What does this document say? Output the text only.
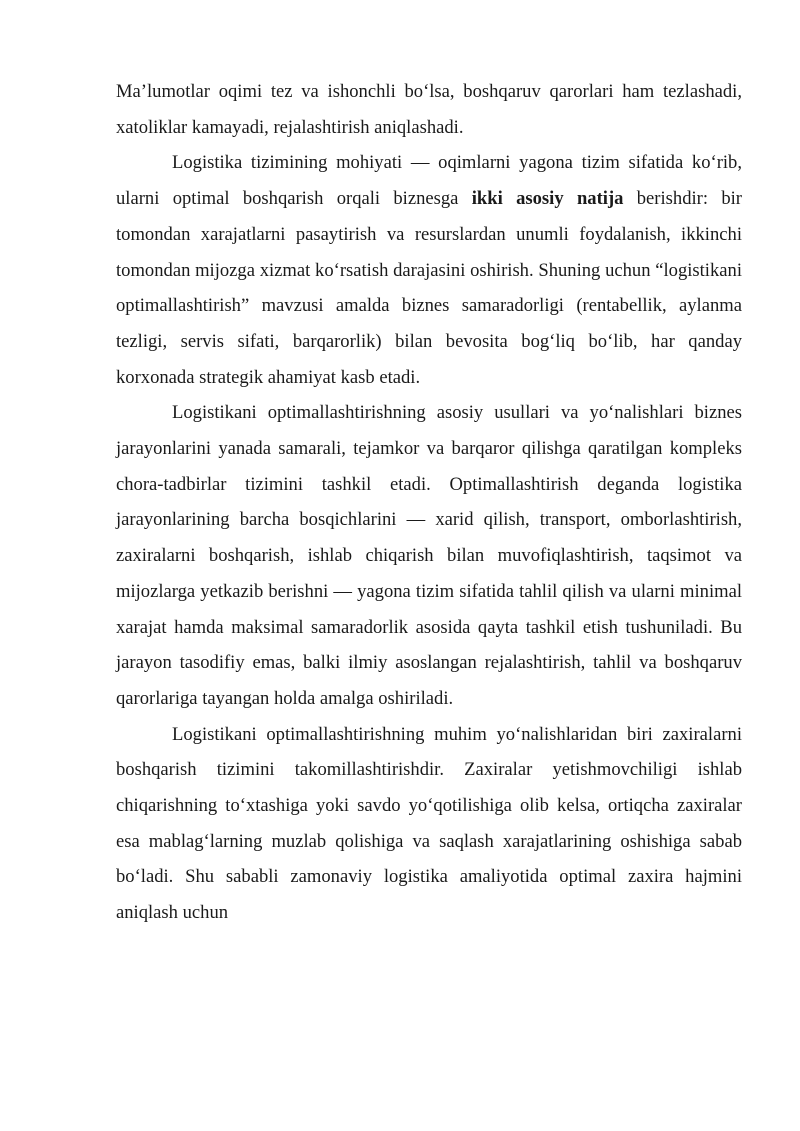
Ma’lumotlar oqimi tez va ishonchli bo‘lsa, boshqaruv qarorlari ham tezlashadi, xatoliklar kamayadi, rejalashtirish aniqlashadi.

Logistika tizimining mohiyati — oqimlarni yagona tizim sifatida ko‘rib, ularni optimal boshqarish orqali biznesga ikki asosiy natija berishdir: bir tomondan xarajatlarni pasaytirish va resurslardan unumli foydalanish, ikkinchi tomondan mijozga xizmat ko‘rsatish darajasini oshirish. Shuning uchun “logistikani optimallashtirish” mavzusi amalda biznes samaradorligi (rentabellik, aylanma tezligi, servis sifati, barqarorlik) bilan bevosita bog‘liq bo‘lib, har qanday korxonada strategik ahamiyat kasb etadi.

Logistikani optimallashtirishning asosiy usullari va yo‘nalishlari biznes jarayonlarini yanada samarali, tejamkor va barqaror qilishga qaratilgan kompleks chora-tadbirlar tizimini tashkil etadi. Optimallashtirish deganda logistika jarayonlarining barcha bosqichlarini — xarid qilish, transport, omborlashtirish, zaxiralarni boshqarish, ishlab chiqarish bilan muvofiqlashtirish, taqsimot va mijozlarga yetkazib berishni — yagona tizim sifatida tahlil qilish va ularni minimal xarajat hamda maksimal samaradorlik asosida qayta tashkil etish tushuniladi. Bu jarayon tasodifiy emas, balki ilmiy asoslangan rejalashtirish, tahlil va boshqaruv qarorlariga tayangan holda amalga oshiriladi.

Logistikani optimallashtirishning muhim yo‘nalishlaridan biri zaxiralarni boshqarish tizimini takomillashtirishdir. Zaxiralar yetishmovchiligi ishlab chiqarishning to‘xtashiga yoki savdo yo‘qotilishiga olib kelsa, ortiqcha zaxiralar esa mablag‘larning muzlab qolishiga va saqlash xarajatlarining oshishiga sabab bo‘ladi. Shu sababli zamonaviy logistika amaliyotida optimal zaxira hajmini aniqlash uchun
